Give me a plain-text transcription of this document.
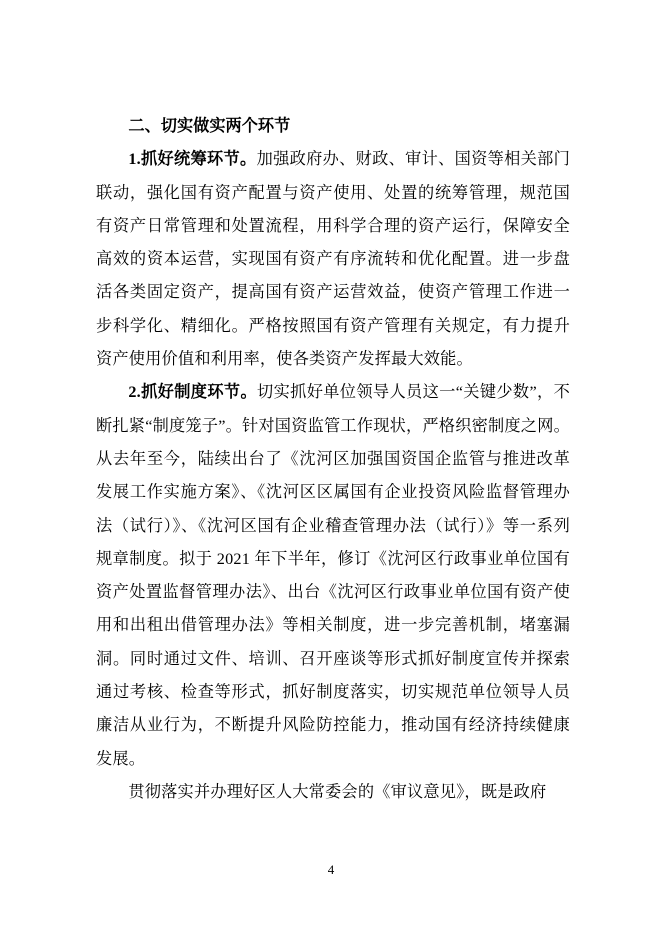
二、切实做实两个环节

1.抓好统筹环节。加强政府办、财政、审计、国资等相关部门联动，强化国有资产配置与资产使用、处置的统筹管理，规范国有资产日常管理和处置流程，用科学合理的资产运行，保障安全高效的资本运营，实现国有资产有序流转和优化配置。进一步盘活各类固定资产，提高国有资产运营效益，使资产管理工作进一步科学化、精细化。严格按照国有资产管理有关规定，有力提升资产使用价值和利用率，使各类资产发挥最大效能。

2.抓好制度环节。切实抓好单位领导人员这一“关键少数”，不断扎紧“制度笼子”。针对国资监管工作现状，严格织密制度之网。从去年至今，陆续出台了《沈河区加强国资国企监管与推进改革发展工作实施方案》、《沈河区区属国有企业投资风险监督管理办法（试行）》、《沈河区国有企业稽查管理办法（试行）》等一系列规章制度。拟于 2021 年下半年，修订《沈河区行政事业单位国有资产处置监督管理办法》、出台《沈河区行政事业单位国有资产使用和出租出借管理办法》等相关制度，进一步完善机制，堵塞漏洞。同时通过文件、培训、召开座谈等形式抓好制度宣传并探索通过考核、检查等形式，抓好制度落实，切实规范单位领导人员廉洁从业行为，不断提升风险防控能力，推动国有经济持续健康发展。

贯彻落实并办理好区人大常委会的《审议意见》，既是政府

4
